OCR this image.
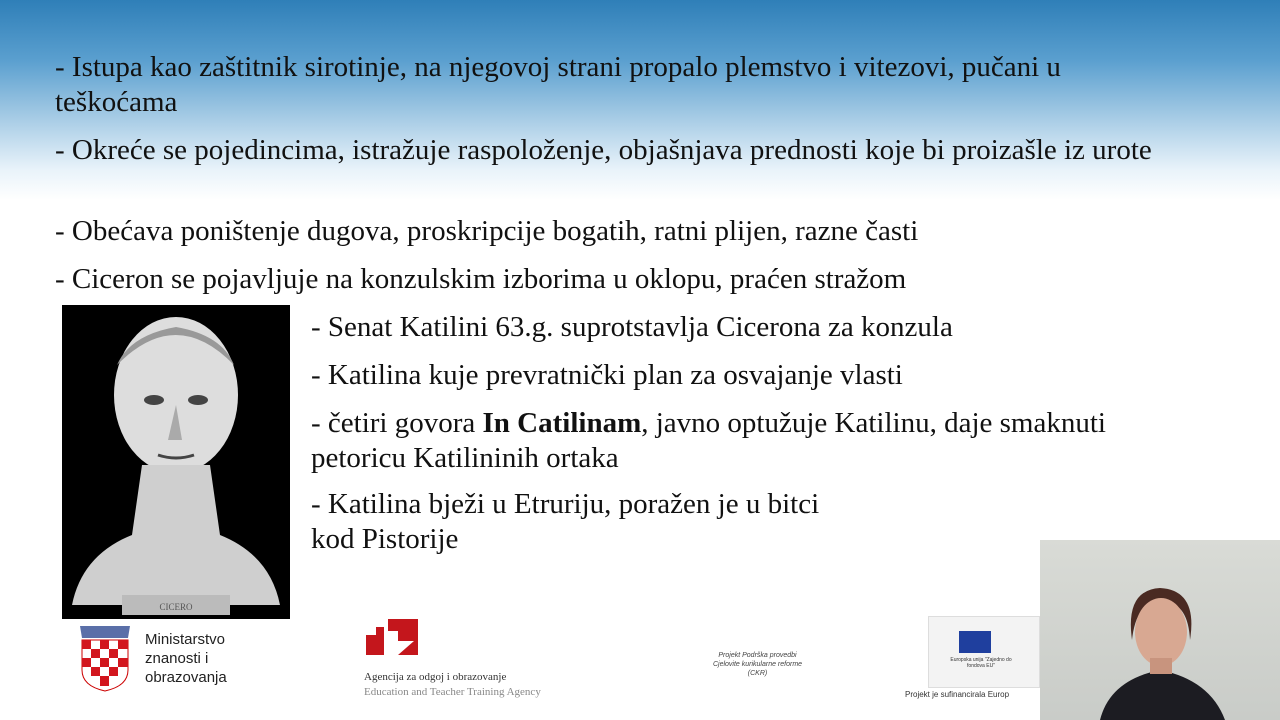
- Istupa kao zaštitnik sirotinje, na njegovoj strani propalo plemstvo i vitezovi, pučani u teškoćama

- Okreće se pojedincima, istražuje raspoloženje, objašnjava prednosti koje bi proizašle iz urote

- Obećava poništenje dugova, proskripcije bogatih, ratni plijen, razne časti

- Ciceron se pojavljuje na konzulskim izborima u oklopu, praćen stražom

CICERO

- Senat Katilini 63.g. suprotstavlja Cicerona za konzula

- Katilina kuje prevratnički plan za osvajanje vlasti

- četiri govora In Catilinam, javno optužuje Katilinu, daje smaknuti petoricu Katilininih ortaka

- Katilina bježi u Etruriju, poražen je u bitci kod Pistorije

Ministarstvo
znanosti i
obrazovanja	Agencija za odgoj i obrazovanje
Education and Teacher Training Agency
Projekt Podrška provedbi
Cjelovite kurikularne reforme
(CKR)
Europska unija "Zajedno do fondova EU"
Projekt je sufinancirala Europ
